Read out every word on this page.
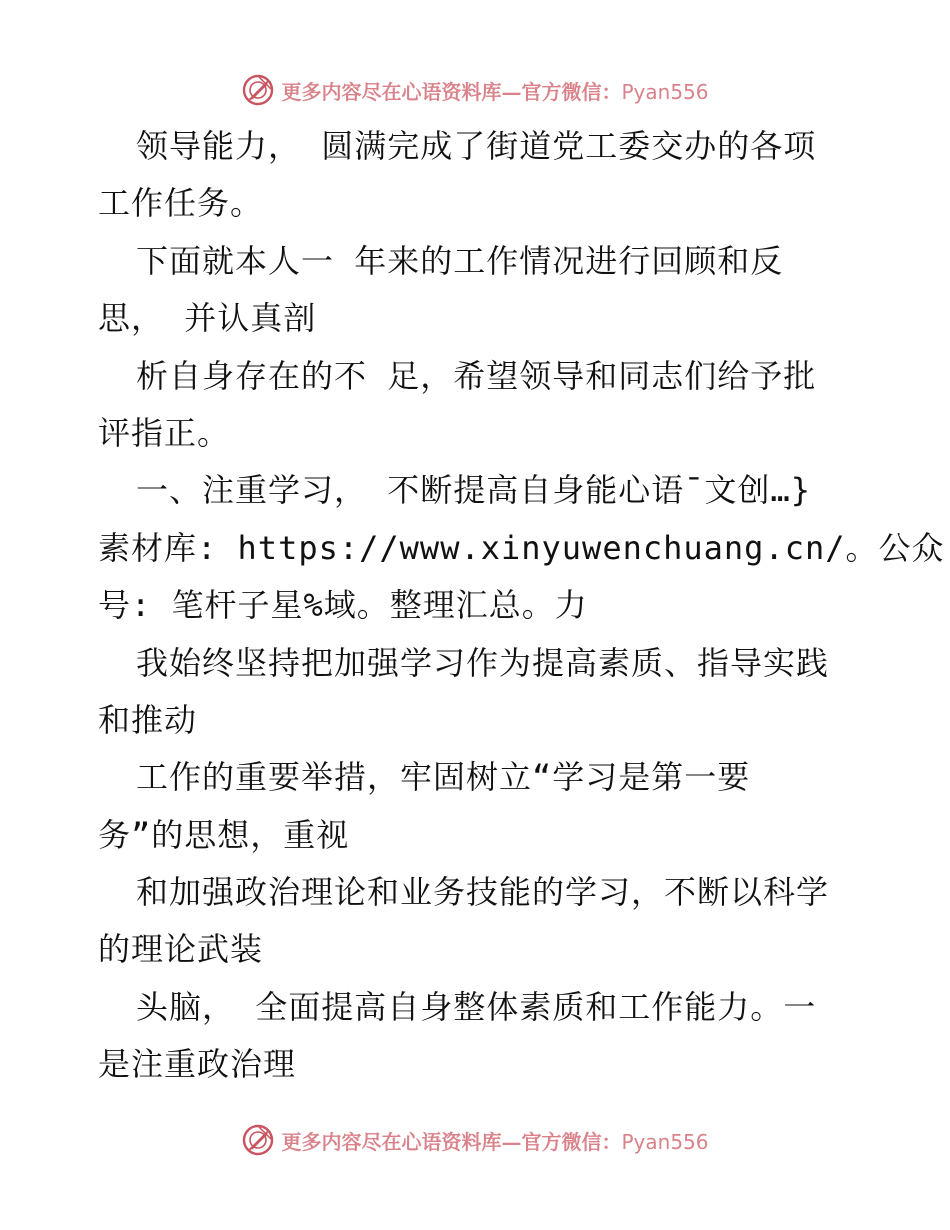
更多内容尽在心语资料库—官方微信：Pyan556
领导能力， 圆满完成了街道党工委交办的各项
工作任务。
下面就本人一 年来的工作情况进行回顾和反
思， 并认真剖
析自身存在的不 足，希望领导和同志们给予批
评指正。
一、注重学习， 不断提高自身能心语¯文创…}
素材库: https://www.xinyuwenchuang.cn/。公众
号: 笔杆子星%域。整理汇总。力
我始终坚持把加强学习作为提高素质、指导实践
和推动
工作的重要举措，牢固树立“学习是第一要
务”的思想，重视
和加强政治理论和业务技能的学习，不断以科学
的理论武装
头脑， 全面提高自身整体素质和工作能力。一
是注重政治理
更多内容尽在心语资料库—官方微信：Pyan556
